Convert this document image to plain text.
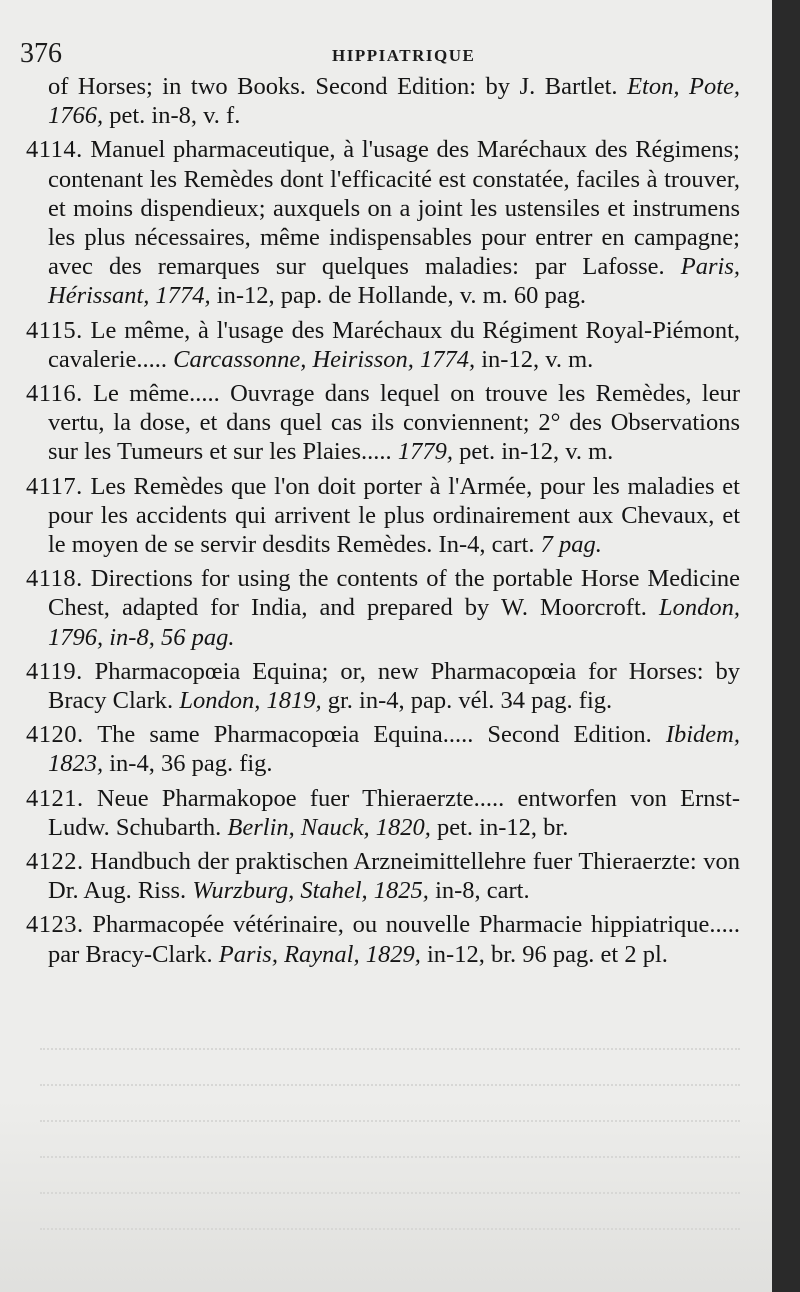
376	HIPPIATRIQUE

of Horses; in two Books. Second Edition: by J. Bartlet. Eton, Pote, 1766, pet. in-8, v. f.

4114. Manuel pharmaceutique, à l'usage des Maréchaux des Régimens; contenant les Remèdes dont l'efficacité est constatée, faciles à trouver, et moins dispendieux; auxquels on a joint les ustensiles et instrumens les plus nécessaires, même indispensables pour entrer en campagne; avec des remarques sur quelques maladies: par Lafosse. Paris, Hérissant, 1774, in-12, pap. de Hollande, v. m. 60 pag.

4115. Le même, à l'usage des Maréchaux du Régiment Royal-Piémont, cavalerie..... Carcassonne, Heirisson, 1774, in-12, v. m.

4116. Le même..... Ouvrage dans lequel on trouve les Remèdes, leur vertu, la dose, et dans quel cas ils conviennent; 2° des Observations sur les Tumeurs et sur les Plaies..... 1779, pet. in-12, v. m.

4117. Les Remèdes que l'on doit porter à l'Armée, pour les maladies et pour les accidents qui arrivent le plus ordinairement aux Chevaux, et le moyen de se servir desdits Remèdes. In-4, cart. 7 pag.

4118. Directions for using the contents of the portable Horse Medicine Chest, adapted for India, and prepared by W. Moorcroft. London, 1796, in-8, 56 pag.

4119. Pharmacopœia Equina; or, new Pharmacopœia for Horses: by Bracy Clark. London, 1819, gr. in-4, pap. vél. 34 pag. fig.

4120. The same Pharmacopœia Equina..... Second Edition. Ibidem, 1823, in-4, 36 pag. fig.

4121. Neue Pharmakopoe fuer Thieraerzte..... entworfen von Ernst-Ludw. Schubarth. Berlin, Nauck, 1820, pet. in-12, br.

4122. Handbuch der praktischen Arzneimittellehre fuer Thieraerzte: von Dr. Aug. Riss. Wurzburg, Stahel, 1825, in-8, cart.

4123. Pharmacopée vétérinaire, ou nouvelle Pharmacie hippiatrique..... par Bracy-Clark. Paris, Raynal, 1829, in-12, br. 96 pag. et 2 pl.
